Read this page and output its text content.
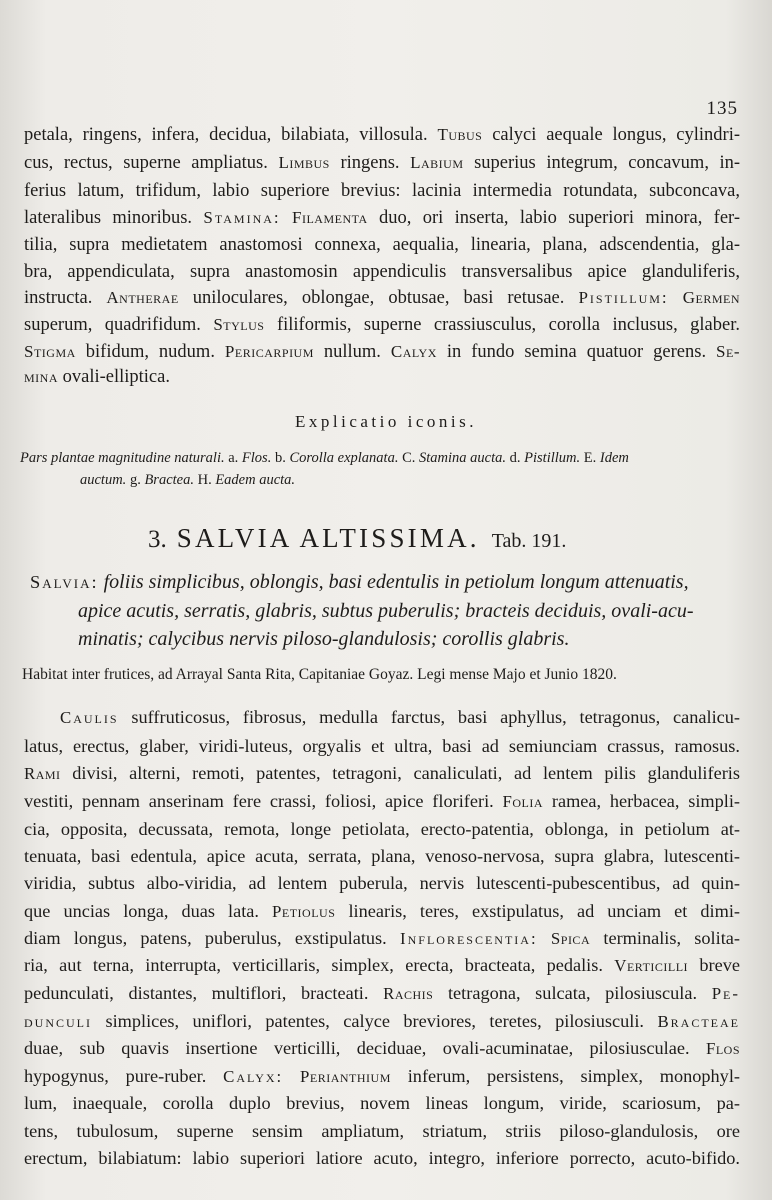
135
petala, ringens, infera, decidua, bilabiata, villosula. Tubus calyci aequale longus, cylindri-
cus, rectus, superne ampliatus. Limbus ringens. Labium superius integrum, concavum, in-
ferius latum, trifidum, labio superiore brevius: lacinia intermedia rotundata, subconcava,
lateralibus minoribus. Stamina: Filamenta duo, ori inserta, labio superiori minora, fer-
tilia, supra medietatem anastomosi connexa, aequalia, linearia, plana, adscendentia, gla-
bra, appendiculata, supra anastomosin appendiculis transversalibus apice glanduliferis,
instructa. Antherae uniloculares, oblongae, obtusae, basi retusae. Pistillum: Germen
superum, quadrifidum. Stylus filiformis, superne crassiusculus, corolla inclusus, glaber.
Stigma bifidum, nudum. Pericarpium nullum. Calyx in fundo semina quatuor gerens. Se-
mina ovali-elliptica.
Explicatio iconis.
Pars plantae magnitudine naturali. a. Flos. b. Corolla explanata. C. Stamina aucta. d. Pistillum. E. Idem
auctum. g. Bractea. H. Eadem aucta.
3. SALVIA ALTISSIMA. Tab. 191.
Salvia: foliis simplicibus, oblongis, basi edentulis in petiolum longum attenuatis,
apice acutis, serratis, glabris, subtus puberulis; bracteis deciduis, ovali-acu-
minatis; calycibus nervis piloso-glandulosis; corollis glabris.
Habitat inter frutices, ad Arrayal Santa Rita, Capitaniae Goyaz. Legi mense Majo et Junio 1820.
Caulis suffruticosus, fibrosus, medulla farctus, basi aphyllus, tetragonus, canalicu-
latus, erectus, glaber, viridi-luteus, orgyalis et ultra, basi ad semiunciam crassus, ramosus.
Rami divisi, alterni, remoti, patentes, tetragoni, canaliculati, ad lentem pilis glanduliferis
vestiti, pennam anserinam fere crassi, foliosi, apice floriferi. Folia ramea, herbacea, simpli-
cia, opposita, decussata, remota, longe petiolata, erecto-patentia, oblonga, in petiolum at-
tenuata, basi edentula, apice acuta, serrata, plana, venoso-nervosa, supra glabra, lutescenti-
viridia, subtus albo-viridia, ad lentem puberula, nervis lutescenti-pubescentibus, ad quin-
que uncias longa, duas lata. Petiolus linearis, teres, exstipulatus, ad unciam et dimi-
diam longus, patens, puberulus, exstipulatus. Inflorescentia: Spica terminalis, solita-
ria, aut terna, interrupta, verticillaris, simplex, erecta, bracteata, pedalis. Verticilli breve
pedunculati, distantes, multiflori, bracteati. Rachis tetragona, sulcata, pilosiuscula. Pe-
dunculi simplices, uniflori, patentes, calyce breviores, teretes, pilosiusculi. Bracteae
duae, sub quavis insertione verticilli, deciduae, ovali-acuminatae, pilosiusculae. Flos
hypogynus, pure-ruber. Calyx: Perianthium inferum, persistens, simplex, monophyl-
lum, inaequale, corolla duplo brevius, novem lineas longum, viride, scariosum, pa-
tens, tubulosum, superne sensim ampliatum, striatum, striis piloso-glandulosis, ore
erectum, bilabiatum: labio superiori latiore acuto, integro, inferiore porrecto, acuto-bifido.
